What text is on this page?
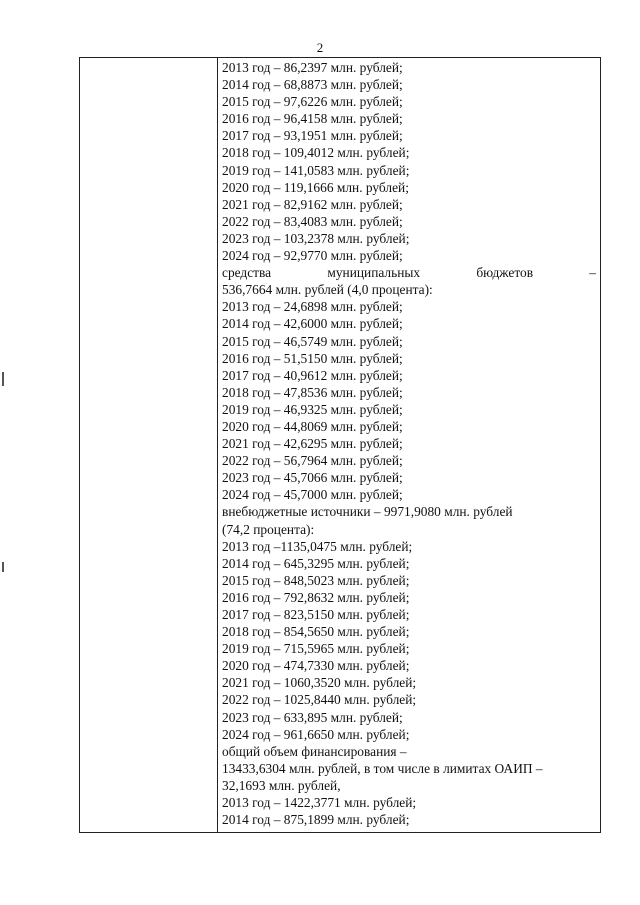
2
2013 год – 86,2397 млн. рублей;
2014 год – 68,8873 млн. рублей;
2015 год – 97,6226 млн. рублей;
2016 год – 96,4158 млн. рублей;
2017 год – 93,1951 млн. рублей;
2018 год – 109,4012 млн. рублей;
2019 год – 141,0583 млн. рублей;
2020 год – 119,1666 млн. рублей;
2021 год – 82,9162 млн. рублей;
2022 год – 83,4083 млн. рублей;
2023 год – 103,2378 млн. рублей;
2024 год – 92,9770 млн. рублей;
средства	муниципальных	бюджетов	–
536,7664 млн. рублей (4,0 процента):
2013 год – 24,6898 млн. рублей;
2014 год – 42,6000 млн. рублей;
2015 год – 46,5749 млн. рублей;
2016 год – 51,5150 млн. рублей;
2017 год – 40,9612 млн. рублей;
2018 год – 47,8536 млн. рублей;
2019 год – 46,9325 млн. рублей;
2020 год – 44,8069 млн. рублей;
2021 год – 42,6295 млн. рублей;
2022 год – 56,7964 млн. рублей;
2023 год – 45,7066 млн. рублей;
2024 год – 45,7000 млн. рублей;
внебюджетные источники – 9971,9080 млн. рублей
(74,2 процента):
2013 год –1135,0475 млн. рублей;
2014 год – 645,3295 млн. рублей;
2015 год – 848,5023 млн. рублей;
2016 год – 792,8632 млн. рублей;
2017 год – 823,5150 млн. рублей;
2018 год – 854,5650 млн. рублей;
2019 год – 715,5965 млн. рублей;
2020 год – 474,7330 млн. рублей;
2021 год – 1060,3520 млн. рублей;
2022 год – 1025,8440 млн. рублей;
2023 год – 633,895 млн. рублей;
2024 год – 961,6650 млн. рублей;
общий объем финансирования –
13433,6304 млн. рублей, в том числе в лимитах ОАИП –
32,1693 млн. рублей,
2013 год – 1422,3771 млн. рублей;
2014 год – 875,1899 млн. рублей;
